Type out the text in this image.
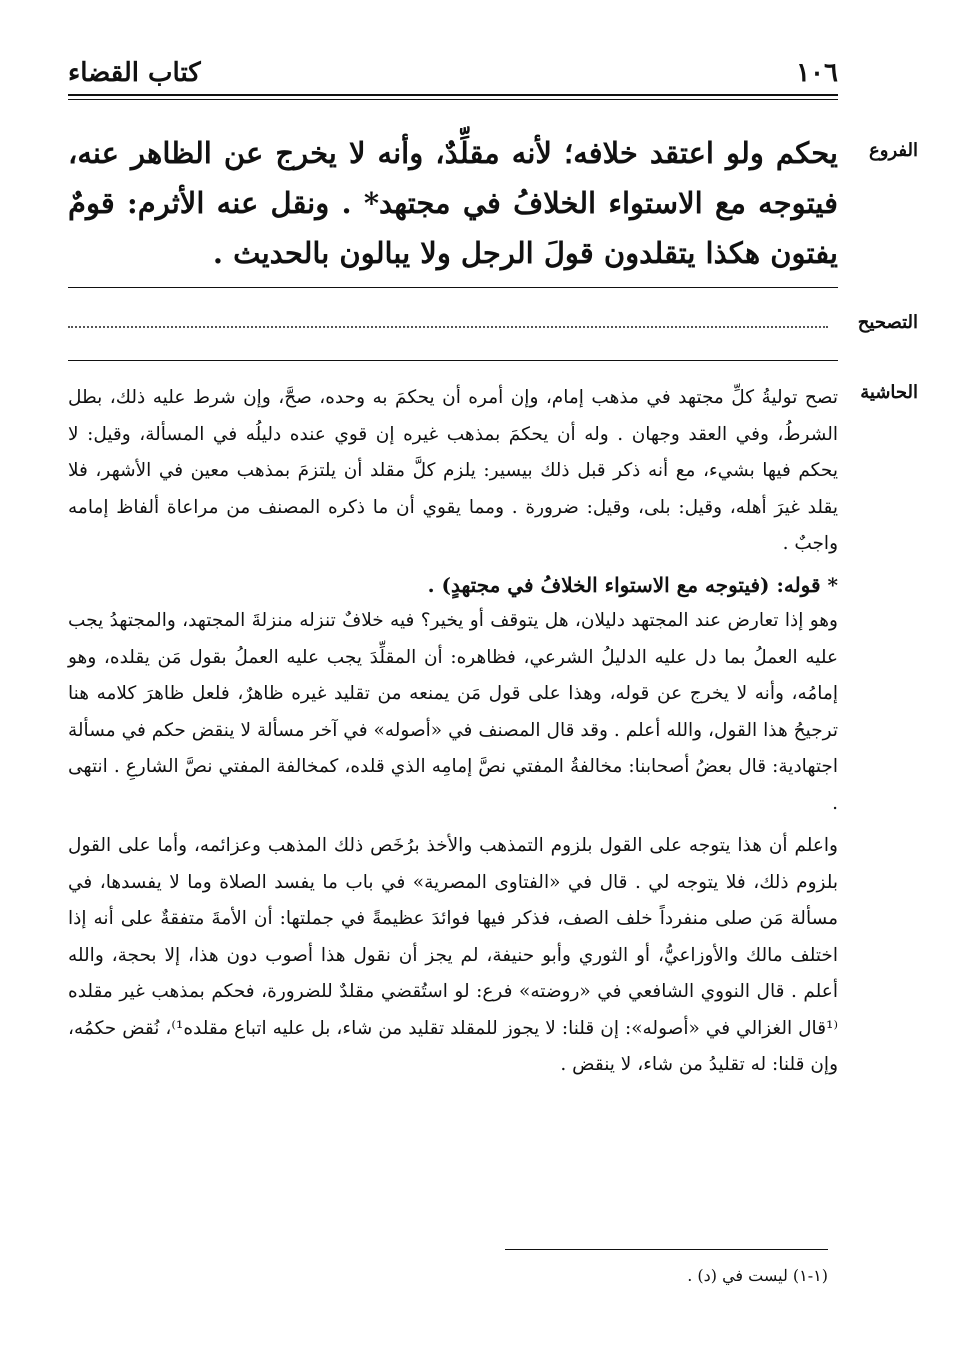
١٠٦
كتاب القضاء
الفروع
يحكم ولو اعتقد خلافه؛ لأنه مقلِّدٌ، وأنه لا يخرج عن الظاهر عنه، فيتوجه مع الاستواء الخلافُ في مجتهد* . ونقل عنه الأثرم: قومٌ يفتون هكذا يتقلدون قولَ الرجل ولا يبالون بالحديث .
التصحيح
الحاشية

تصح توليةُ كلِّ مجتهد في مذهب إمام، وإن أمره أن يحكمَ به وحده، صحَّ، وإن شرط عليه ذلك، بطل الشرطُ، وفي العقد وجهان . وله أن يحكمَ بمذهب غيره إن قوي عنده دليلُه في المسألة، وقيل: لا يحكم فيها بشيء، مع أنه ذكر قبل ذلك بيسير: يلزم كلَّ مقلد أن يلتزمَ بمذهب معين في الأشهر، فلا يقلد غيرَ أهله، وقيل: بلى، وقيل: ضرورة . ومما يقوي أن ما ذكره المصنف من مراعاة ألفاظ إمامه واجبٌ .

* قوله: (فيتوجه مع الاستواء الخلافُ في مجتهدٍ) .

وهو إذا تعارض عند المجتهد دليلان، هل يتوقف أو يخير؟ فيه خلافٌ تنزله منزلةَ المجتهد، والمجتهدُ يجب عليه العملُ بما دل عليه الدليلُ الشرعي، فظاهره: أن المقلِّدَ يجب عليه العملُ بقول مَن يقلده، وهو إمامُه، وأنه لا يخرج عن قوله، وهذا على قول مَن يمنعه من تقليد غيره ظاهرٌ، فلعل ظاهرَ كلامه هنا ترجيحُ هذا القول، والله أعلم . وقد قال المصنف في «أصوله» في آخر مسألة لا ينقض حكم في مسألة اجتهادية: قال بعضُ أصحابنا: مخالفةُ المفتي نصَّ إمامِه الذي قلده، كمخالفة المفتي نصَّ الشارعِ . انتهى .

واعلم أن هذا يتوجه على القول بلزوم التمذهب والأخذ برُخَص ذلك المذهب وعزائمه، وأما على القول بلزوم ذلك، فلا يتوجه لي . قال في «الفتاوى المصرية» في باب ما يفسد الصلاة وما لا يفسدها، في مسألة مَن صلى منفرداً خلف الصف، فذكر فيها فوائدَ عظيمةً في جملتها: أن الأمةَ متفقةٌ على أنه إذا اختلف مالك والأوزاعيُّ، أو الثوري وأبو حنيفة، لم يجز أن نقول هذا أصوب دون هذا، إلا بحجة، والله أعلم . قال النووي الشافعي في «روضته» فرع: لو استُقضي مقلدٌ للضرورة، فحكم بمذهب غير مقلده ⁽¹قال الغزالي في «أصوله»: إن قلنا: لا يجوز للمقلد تقليد من شاء، بل عليه اتباع مقلده¹⁾، نُقض حكمُه، وإن قلنا: له تقليدُ من شاء، لا ينقض .

(١-١) ليست في (د) .
